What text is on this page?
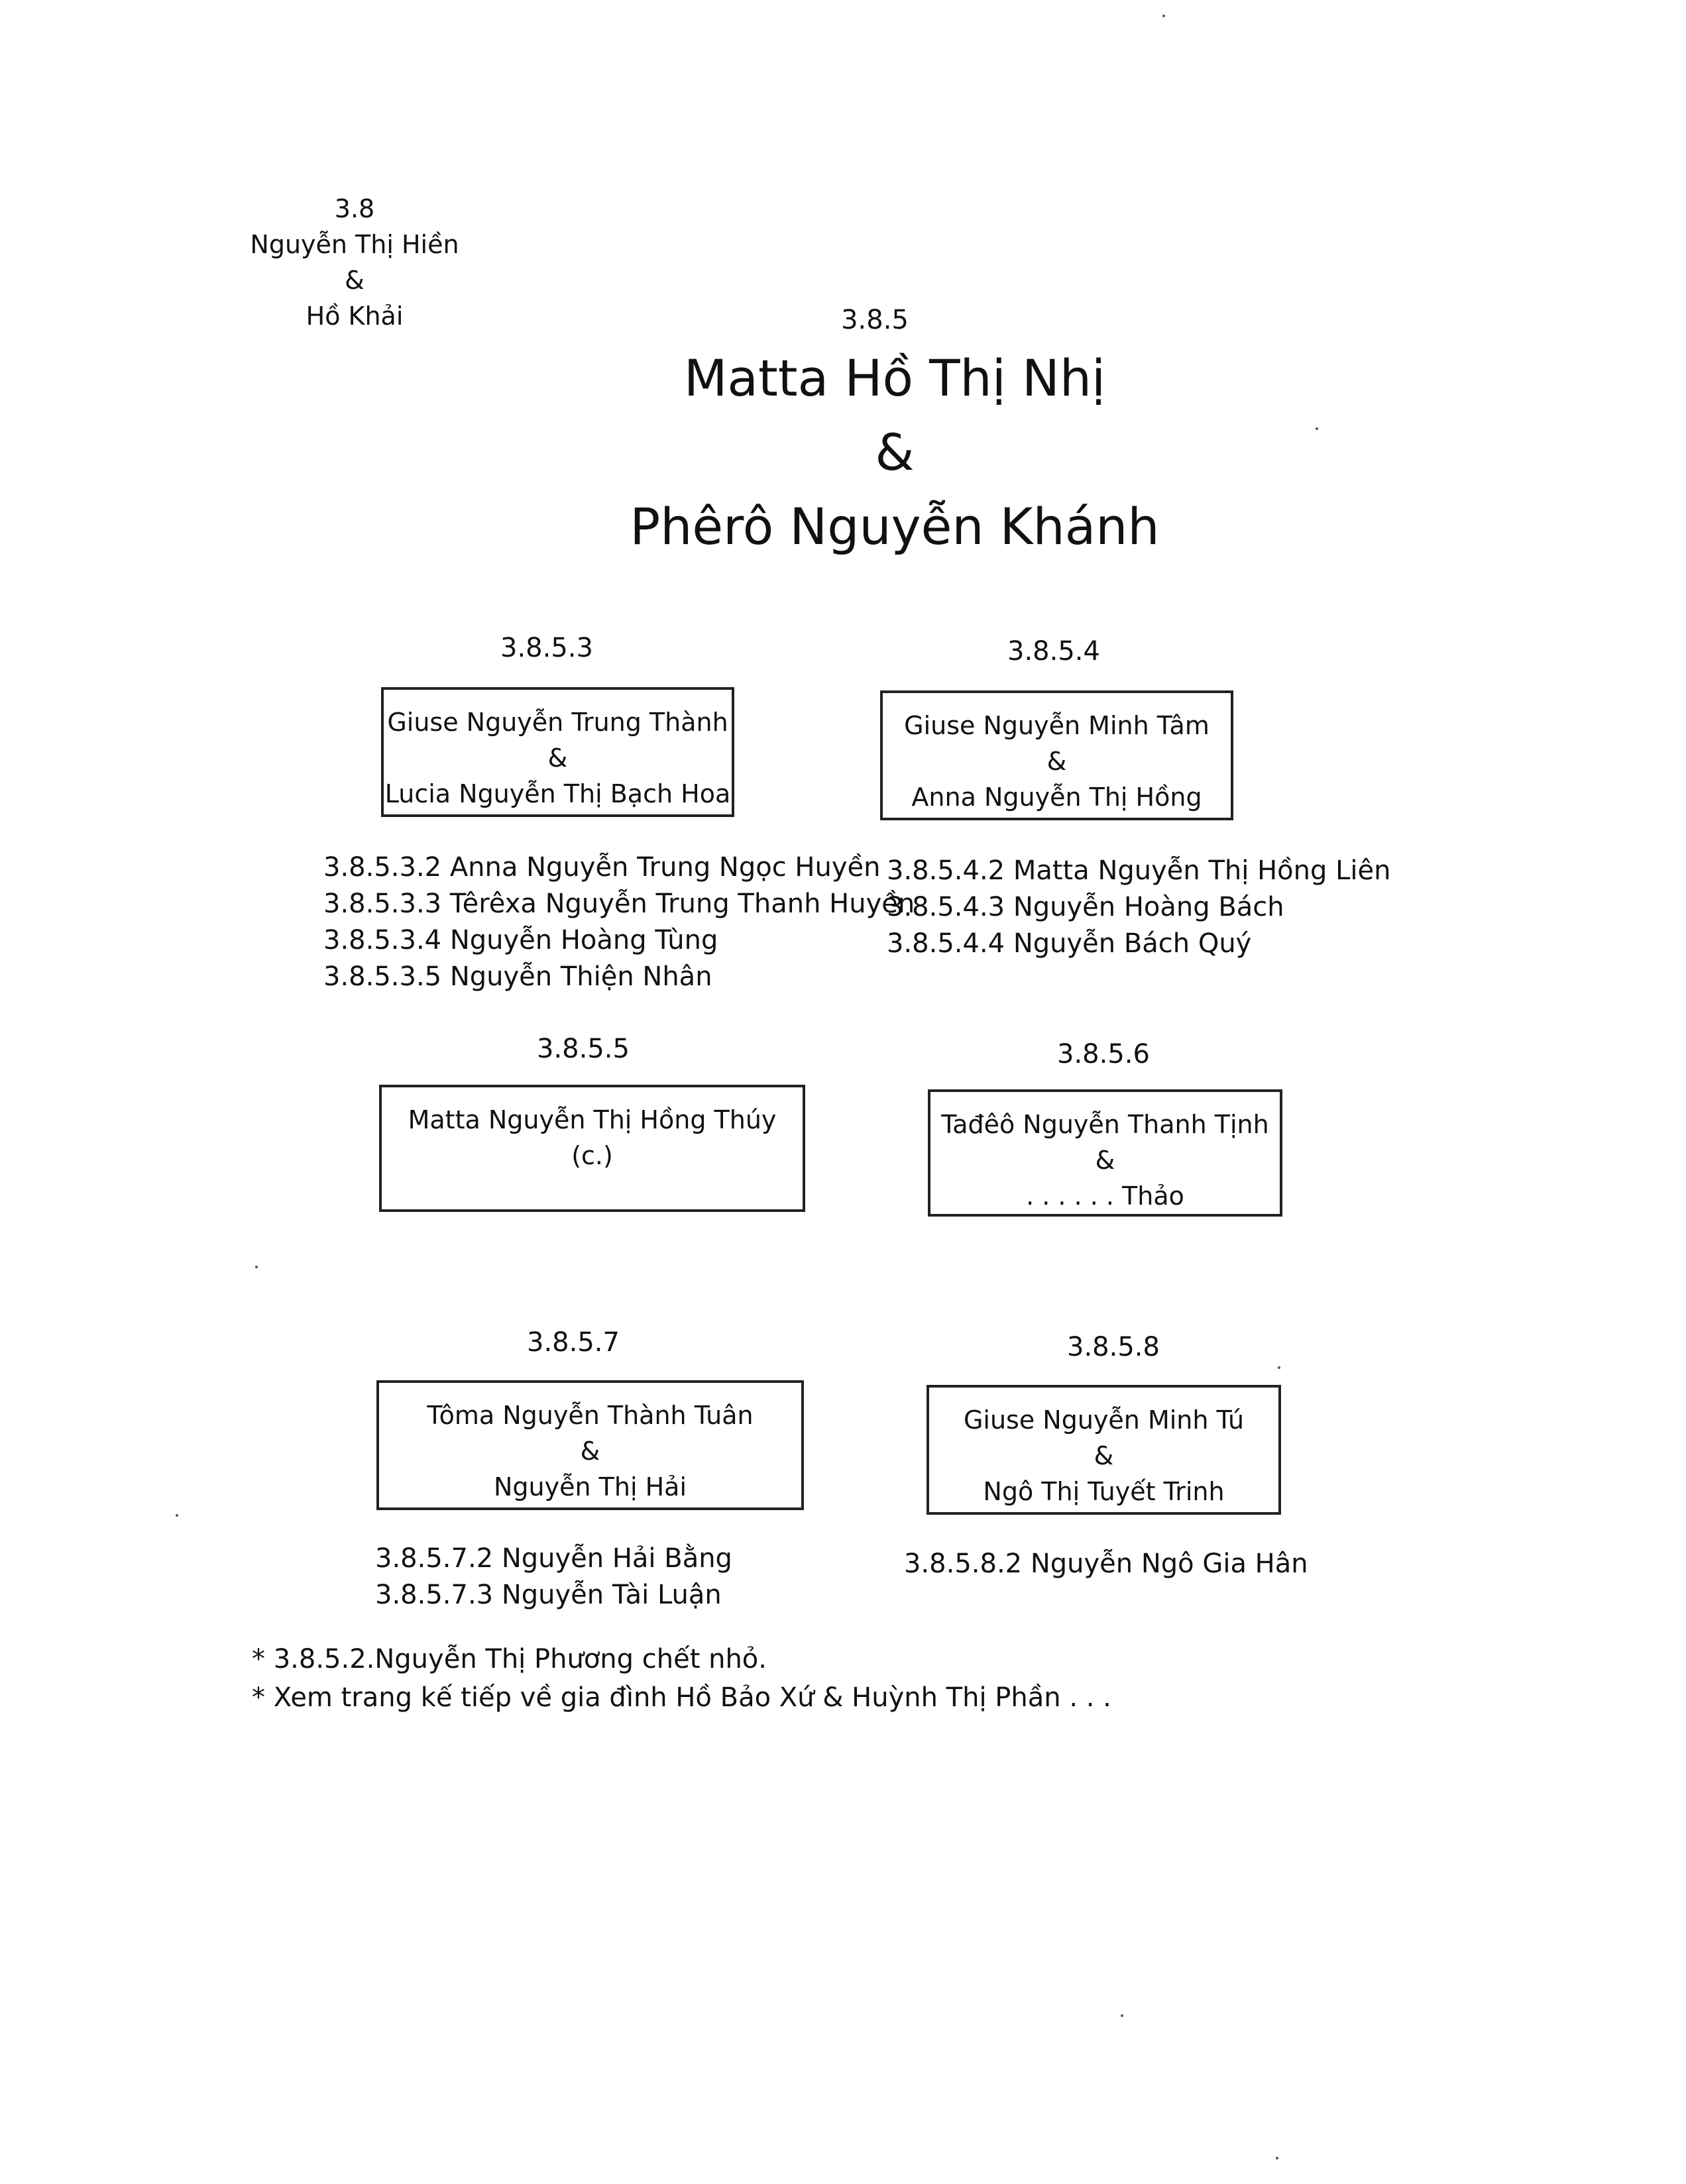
3.8
Nguyễn Thị Hiền
&
Hồ Khải	3.8.5
Matta Hồ Thị Nhị
&
Phêrô Nguyễn Khánh
3.8.5.3
Giuse Nguyễn Trung Thành
&
Lucia Nguyễn Thị Bạch Hoa
3.8.5.3.2 Anna Nguyễn Trung Ngọc Huyền
3.8.5.3.3 Têrêxa Nguyễn Trung Thanh Huyền
3.8.5.3.4 Nguyễn Hoàng Tùng
3.8.5.3.5 Nguyễn Thiện Nhân
3.8.5.4
Giuse Nguyễn Minh Tâm
&
Anna Nguyễn Thị Hồng
3.8.5.4.2 Matta Nguyễn Thị Hồng Liên
3.8.5.4.3 Nguyễn Hoàng Bách
3.8.5.4.4 Nguyễn Bách Quý
3.8.5.5
Matta Nguyễn Thị Hồng Thúy
(c.)
3.8.5.6
Tađêô Nguyễn Thanh Tịnh
&
. . . . . . Thảo
3.8.5.7
Tôma Nguyễn Thành Tuân
&
Nguyễn Thị Hải
3.8.5.7.2 Nguyễn Hải Bằng
3.8.5.7.3 Nguyễn Tài Luận
3.8.5.8
Giuse Nguyễn Minh Tú
&
Ngô Thị Tuyết Trinh
3.8.5.8.2 Nguyễn Ngô Gia Hân
* 3.8.5.2.Nguyễn Thị Phương chết nhỏ.
* Xem trang kế tiếp về gia đình Hồ Bảo Xứ & Huỳnh Thị Phần . . .
